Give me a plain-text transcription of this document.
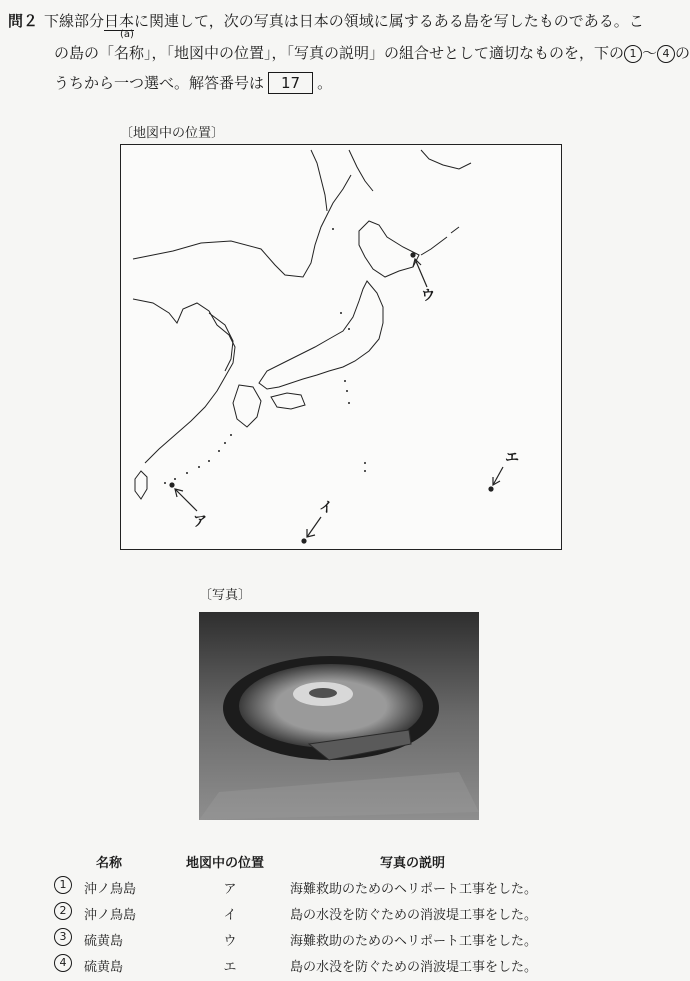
問２ 下線部分日本に関連して，次の写真は日本の領域に属するある島を写したものである。こ
(a)
の島の「名称」，「地図中の位置」，「写真の説明」の組合せとして適切なものを，下の 1 ～ 4 の
うちから一つ選べ。解答番号は 17 。
〔地図中の位置〕
ア
イ
ウ
エ
〔写真〕
名称	地図中の位置	写真の説明
1	沖ノ鳥島	ア	海難救助のためのヘリポート工事をした。
2	沖ノ鳥島	イ	島の水没を防ぐための消波堤工事をした。
3	硫黄島	ウ	海難救助のためのヘリポート工事をした。
4	硫黄島	エ	島の水没を防ぐための消波堤工事をした。
